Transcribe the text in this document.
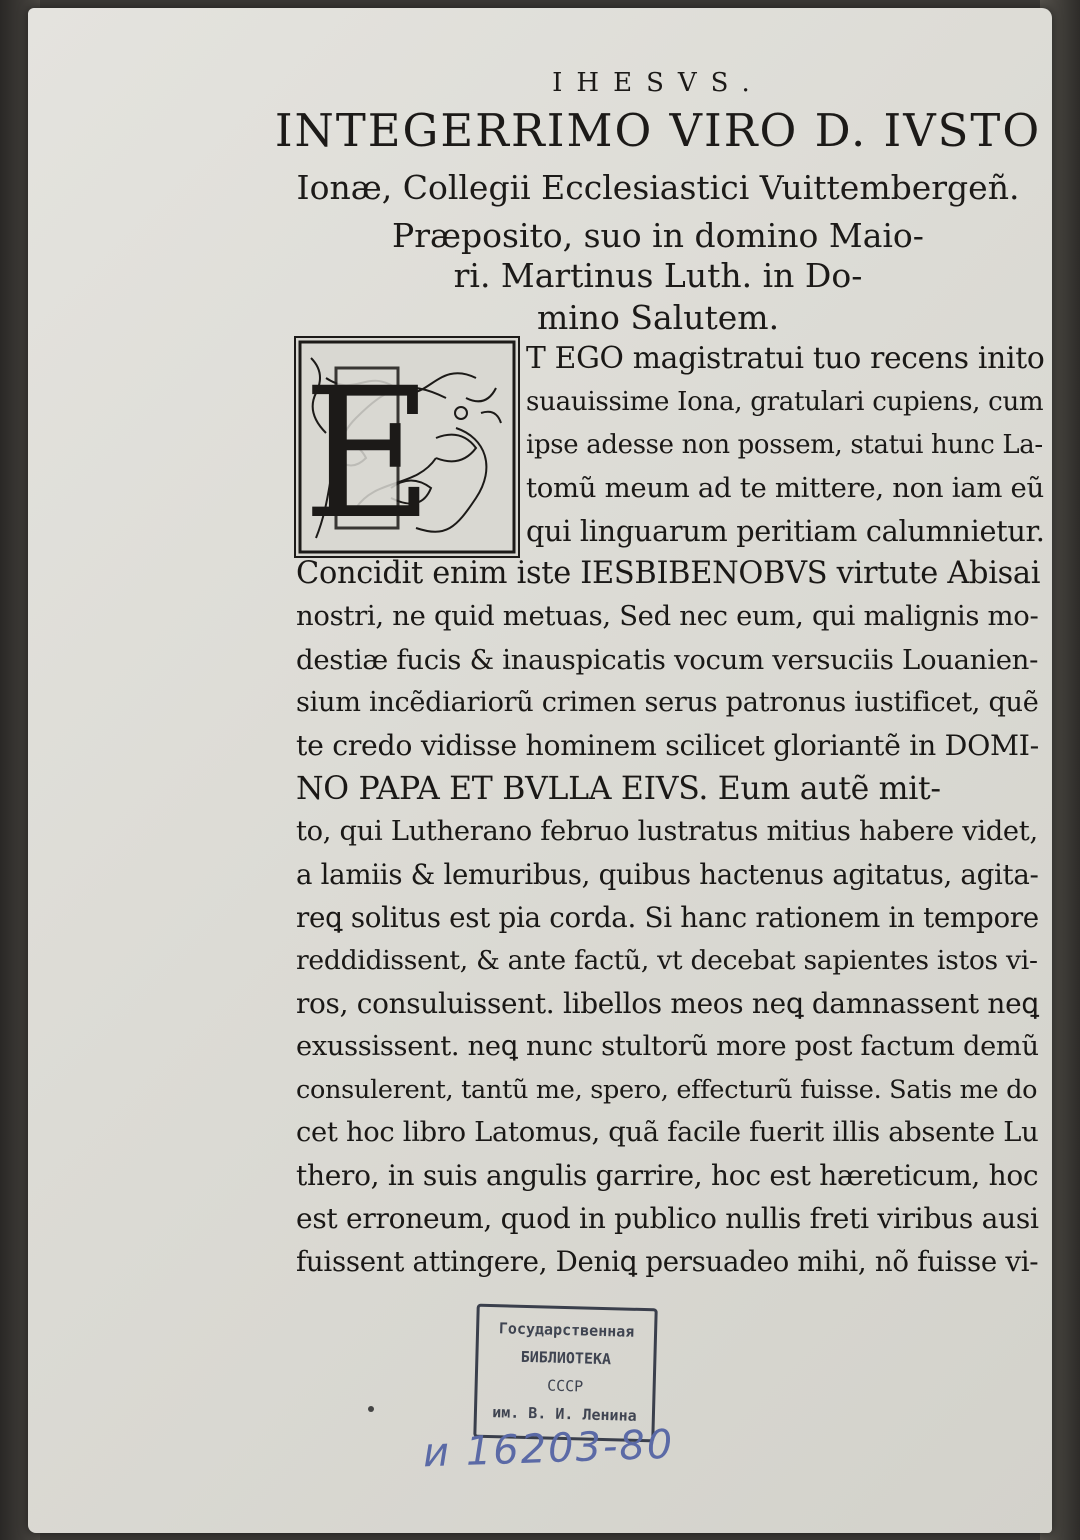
IHESVS.
INTEGERRIMO VIRO D. IVSTO
Ionæ, Collegii Ecclesiastici Vuittembergeñ.
Præposito, suo in domino Maio-
ri. Martinus Luth. in Do-
mino Salutem.
E	T EGO magistratui tuo recens inito
suauissime Iona, gratulari cupiens, cum
ipse adesse non possem, statui hunc La-
tomũ meum ad te mittere, non iam eũ
qui linguarum peritiam calumnietur.
Concidit enim iste IESBIBENOBVS virtute Abisai
nostri, ne quid metuas, Sed nec eum, qui malignis mo-
destiæ fucis & inauspicatis vocum versuciis Louanien-
sium incẽdiariorũ crimen serus patronus iustificet, quẽ
te credo vidisse hominem scilicet gloriantẽ in DOMI-
NO PAPA ET BVLLA EIVS. Eum autẽ mit-
to, qui Lutherano februo lustratus mitius habere videt,
a lamiis & lemuribus, quibus hactenus agitatus, agita-
reꝗ solitus est pia corda. Si hanc rationem in tempore
reddidissent, & ante factũ, vt decebat sapientes istos vi-
ros, consuluissent. libellos meos neꝗ damnassent neꝗ
exussissent. neꝗ nunc stultorũ more post factum demũ
consulerent, tantũ me, spero, effecturũ fuisse. Satis me do
cet hoc libro Latomus, quã facile fuerit illis absente Lu
thero, in suis angulis garrire, hoc est hæreticum, hoc
est erroneum, quod in publico nullis freti viribus ausi
fuissent attingere, Deniꝗ persuadeo mihi, nõ fuisse vi-
Государственная
БИБЛИОТЕКА
СССР
им. В. И. Ленина
и 16203-80
